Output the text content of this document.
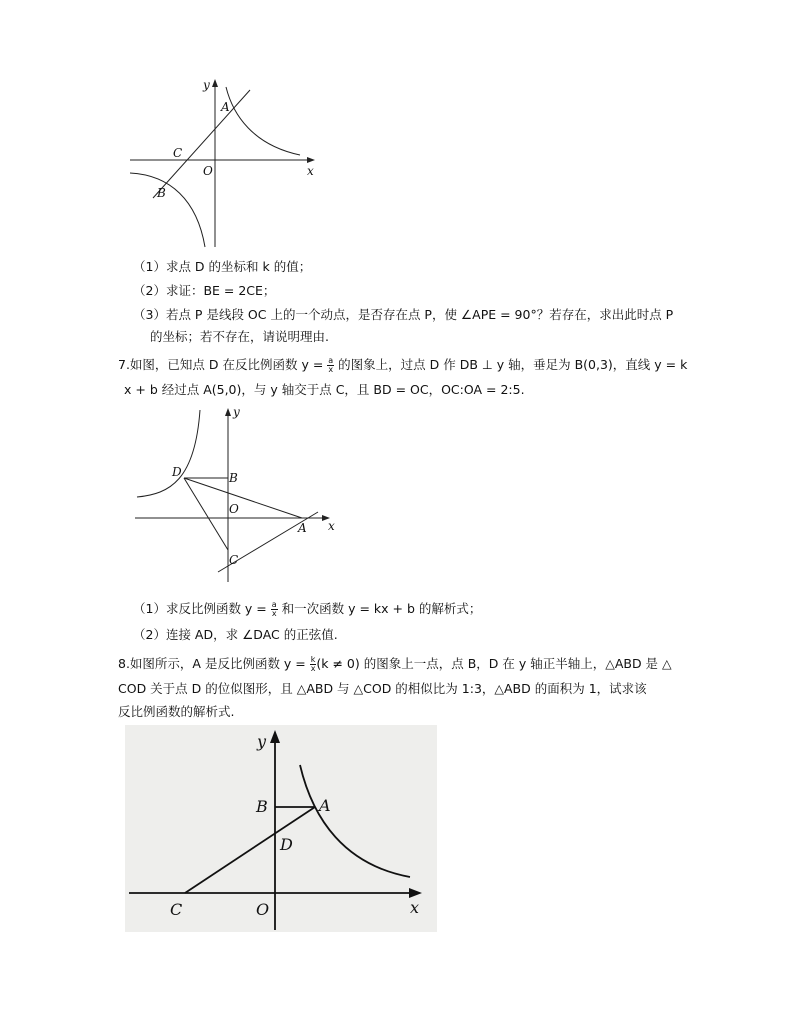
y
x
A
C
O
B
（1）求点 D 的坐标和 k 的值；
（2）求证：BE = 2CE；
（3）若点 P 是线段 OC 上的一个动点，是否存在点 P，使 ∠APE = 90°？若存在，求出此时点 P
的坐标；若不存在，请说明理由.
7.如图，已知点 D 在反比例函数 $y = \frac{a}{x}$ 的图象上，过点 D 作 DB ⊥ y 轴，垂足为 B(0,3)，直线 y = k
x + b 经过点 A(5,0)，与 y 轴交于点 C，且 BD = OC，OC:OA = 2:5.
y
x
D	B
O
A
C
（1）求反比例函数 $y = \frac{a}{x}$ 和一次函数 y = kx + b 的解析式；
（2）连接 AD，求 ∠DAC 的正弦值.
8.如图所示，A 是反比例函数 $y = \frac{k}{x} (k \ne 0)$ 的图象上一点，点 B，D 在 y 轴正半轴上，△ABD 是 △
COD 关于点 D 的位似图形，且 △ABD 与 △COD 的相似比为 1:3，△ABD 的面积为 1，试求该
反比例函数的解析式.
y
x
B	A
D
C	O
